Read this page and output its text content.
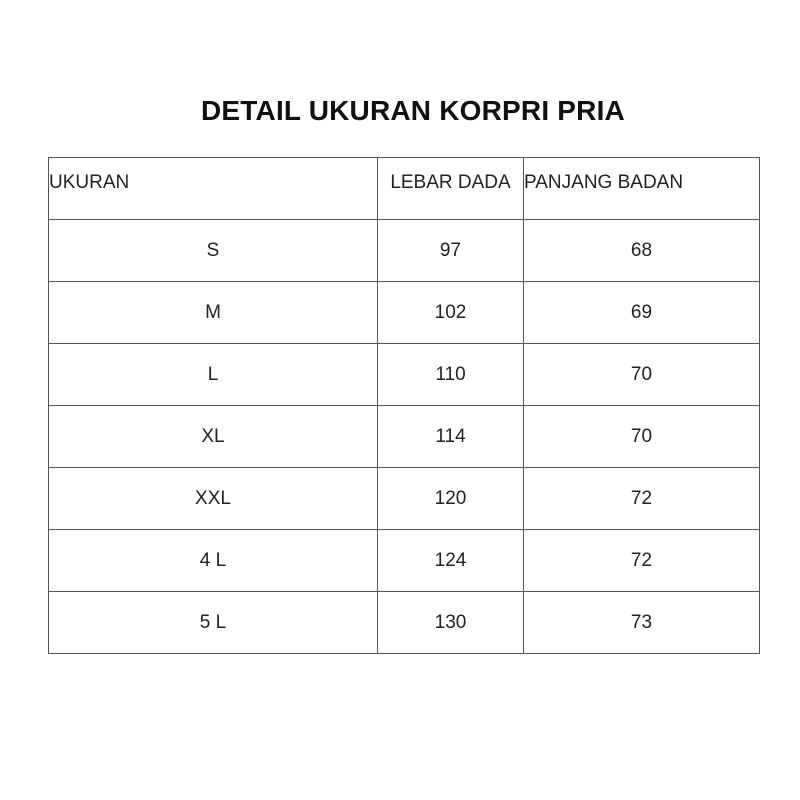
DETAIL UKURAN KORPRI PRIA
UKURAN	LEBAR DADA	PANJANG BADAN
S	97	68
M	102	69
L	110	70
XL	114	70
XXL	120	72
4 L	124	72
5 L	130	73
